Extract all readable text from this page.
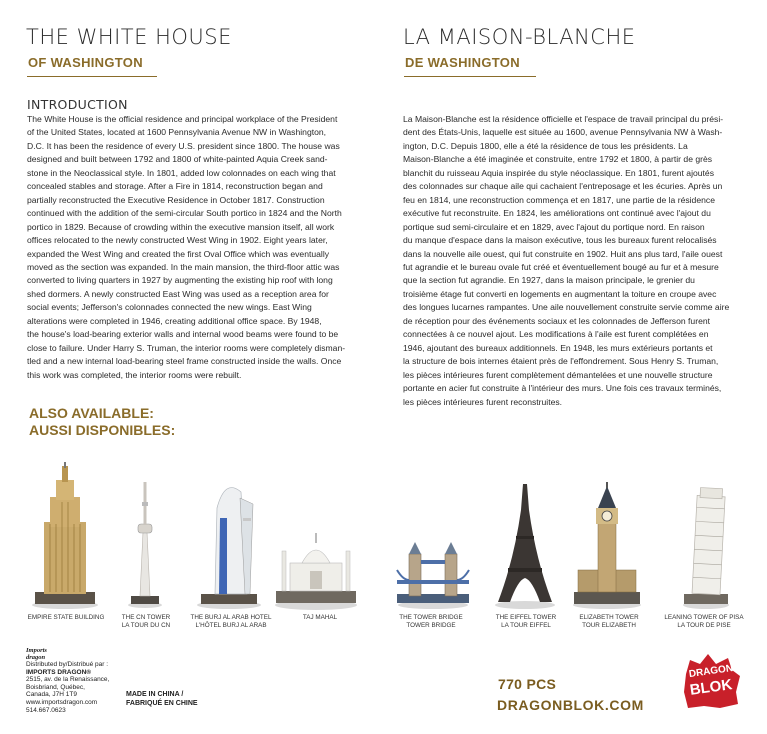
THE WHITE HOUSE
OF WASHINGTON
LA MAISON-BLANCHE
DE WASHINGTON
INTRODUCTION
The White House is the official residence and principal workplace of the President
of the United States, located at 1600 Pennsylvania Avenue NW in Washington,
D.C. It has been the residence of every U.S. president since 1800. The house was
designed and built between 1792 and 1800 of white-painted Aquia Creek sand-
stone in the Neoclassical style. In 1801, added low colonnades on each wing that
concealed stables and storage. After a Fire in 1814, reconstruction began and
partially reconstructed the Executive Residence in October 1817. Construction
continued with the addition of the semi-circular South portico in 1824 and the North
portico in 1829. Because of crowding within the executive mansion itself, all work
offices relocated to the newly constructed West Wing in 1902. Eight years later,
expanded the West Wing and created the first Oval Office which was eventually
moved as the section was expanded. In the main mansion, the third-floor attic was
converted to living quarters in 1927 by augmenting the existing hip roof with long
shed dormers. A newly constructed East Wing was used as a reception area for
social events; Jefferson's colonnades connected the new wings. East Wing
alterations were completed in 1946, creating additional office space. By 1948,
the house's load-bearing exterior walls and internal wood beams were found to be
close to failure. Under Harry S. Truman, the interior rooms were completely disman-
tled and a new internal load-bearing steel frame constructed inside the walls. Once
this work was completed, the interior rooms were rebuilt.
La Maison-Blanche est la résidence officielle et l'espace de travail principal du prési-
dent des États-Unis, laquelle est située au 1600, avenue Pennsylvania NW à Wash-
ington, D.C. Depuis 1800, elle a été la résidence de tous les présidents. La
Maison-Blanche a été imaginée et construite, entre 1792 et 1800, à partir de grès
blanchit du ruisseau Aquia inspirée du style néoclassique. En 1801, furent ajoutés
des colonnades sur chaque aile qui cachaient l'entreposage et les écuries. Après un
feu en 1814, une reconstruction commença et en 1817, une partie de la résidence
exécutive fut reconstruite. En 1824, les améliorations ont continué avec l'ajout du
portique sud semi-circulaire et en 1829, avec l'ajout du portique nord. En raison
du manque d'espace dans la maison exécutive, tous les bureaux furent relocalisés
dans la nouvelle aile ouest, qui fut construite en 1902. Huit ans plus tard, l'aile ouest
fut agrandie et le bureau ovale fut créé et éventuellement bougé au fur et à mesure
que la section fut agrandie. En 1927, dans la maison principale, le grenier du
troisième étage fut converti en logements en augmentant la toiture en croupe avec
des longues lucarnes rampantes. Une aile nouvellement construite servie comme aire
de réception pour des événements sociaux et les colonnades de Jefferson furent
connectées à ce nouvel ajout. Les modifications à l'aile est furent complétées en
1946, ajoutant des bureaux additionnels. En 1948, les murs extérieurs portants et
la structure de bois internes étaient près de l'effondrement. Sous Henry S. Truman,
les pièces intérieures furent complètement démantelées et une nouvelle structure
portante en acier fut construite à l'intérieur des murs. Une fois ces travaux terminés,
les pièces intérieures furent reconstruites.
ALSO AVAILABLE:
AUSSI DISPONIBLES:
EMPIRE STATE BUILDING	THE CN TOWER
LA TOUR DU CN
THE BURJ AL ARAB HOTEL
L'HÔTEL BURJ AL ARAB
TAJ MAHAL	THE TOWER BRIDGE
TOWER BRIDGE
THE EIFFEL TOWER
LA TOUR EIFFEL
ELIZABETH TOWER
TOUR ELIZABETH
LEANING TOWER OF PISA
LA TOUR DE PISE
Imports dragon
Distributed by/Distribué par :
IMPORTS DRAGON®
2515, av. de la Renaissance,
Boisbriand, Québec,
Canada, J7H 1T9
www.importsdragon.com
514.667.0623
MADE IN CHINA /
FABRIQUÉ EN CHINE
770 PCS
DRAGONBLOK.COM
DRAGON
BLOK
